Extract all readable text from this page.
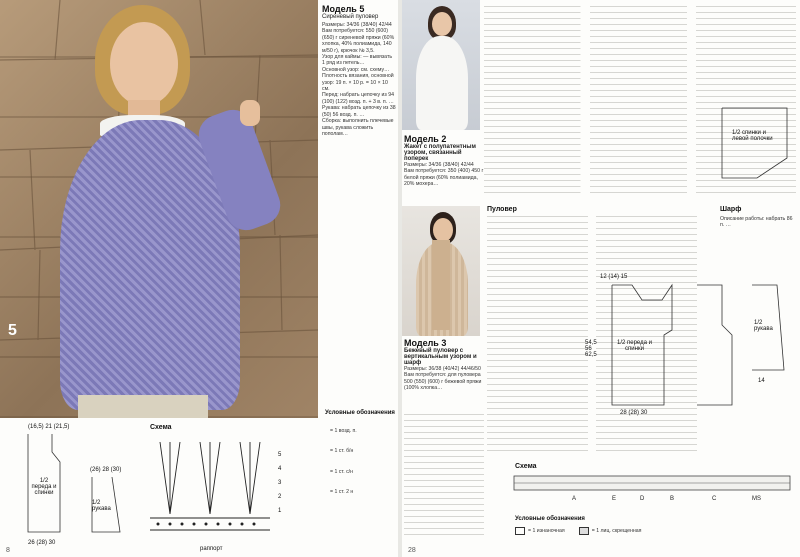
5
Модель 5
Сиреневый пуловер
Размеры: 34/36 (38/40) 42/44
Вам потребуется: 550 (600) (650) г сиреневой пряжи (60% хлопка, 40% полиамида, 140 м/50 г), крючок № 3,5.
Узор для каймы: — вывязать 1 ряд из петель…
Основной узор: см. схему…
Плотность вязания, основной узор: 19 п. × 10 р. = 10 × 10 см.
Перед: набрать цепочку из 94 (100) (122) возд. п. + 3 в. п. …
Рукава: набрать цепочку из 38 (50) 56 возд. п. …
Сборка: выполнить плечевые швы, рукава сложить пополам…
1/2 переда и спинки
(16,5) 21 (21,5)
26 (28) 30
1/2 рукава
(26) 28 (30)
Схема
5
4
3
2
1
раппорт
Условные обозначения
= 1 возд. п.
= 1 ст. б/н
= 1 ст. с/н
= 1 ст. 2 н
8
Модель 2
Жакет с полупатентным узором, связанный поперек
Размеры: 34/36 (38/40) 42/44
Вам потребуется: 350 (400) 450 г белой пряжи (60% полиамида, 20% мохера…
1/2 спинки и левой полочки
Модель 3
Бежевый пуловер с вертикальным узором и шарф
Размеры: 36/38 (40/42) 44/46/50
Вам потребуется: для пуловера 500 (550) (600) г бежевой пряжи (100% хлопка…
Пуловер	Шарф
Описание работы: набрать 86 п. …
1/2 переда и спинки
1/2 рукава
12 (14) 15
54,5 56 62,5
28 (28) 30
14
Схема
A	E	D	B	C	MS
Условные обозначения
= 1 изнаночная	= 1 лиц. скрещенная
28
